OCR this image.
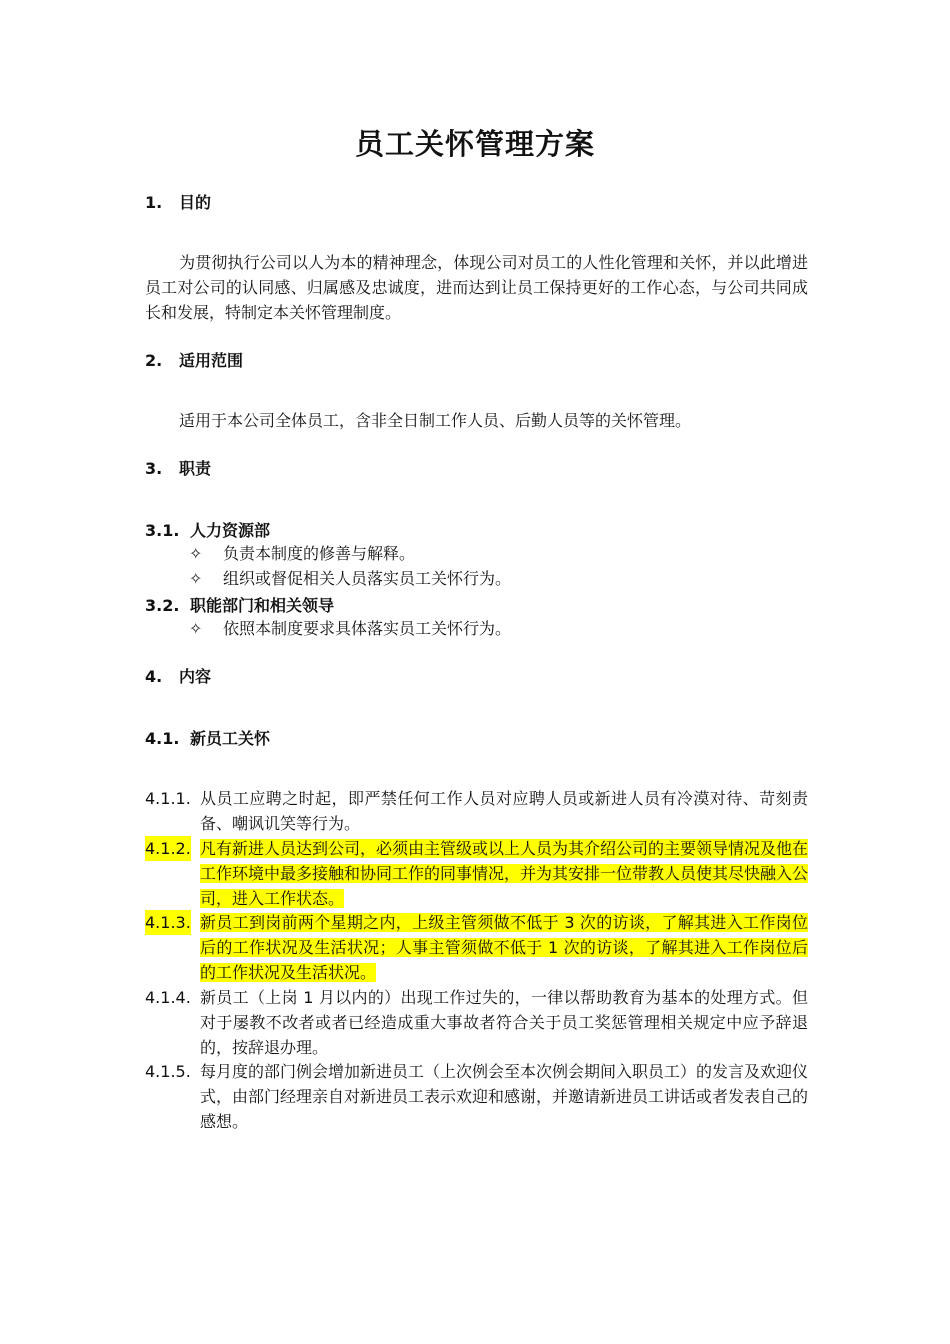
员工关怀管理方案
1. 目的
为贯彻执行公司以人为本的精神理念，体现公司对员工的人性化管理和关怀，并以此增进员工对公司的认同感、归属感及忠诚度，进而达到让员工保持更好的工作心态，与公司共同成长和发展，特制定本关怀管理制度。
2. 适用范围
适用于本公司全体员工，含非全日制工作人员、后勤人员等的关怀管理。
3. 职责
3.1. 人力资源部
✧ 负责本制度的修善与解释。
✧ 组织或督促相关人员落实员工关怀行为。
3.2. 职能部门和相关领导
✧ 依照本制度要求具体落实员工关怀行为。
4. 内容
4.1. 新员工关怀
4.1.1. 从员工应聘之时起，即严禁任何工作人员对应聘人员或新进人员有冷漠对待、苛刻责备、嘲讽讥笑等行为。
4.1.2. 凡有新进人员达到公司，必须由主管级或以上人员为其介绍公司的主要领导情况及他在工作环境中最多接触和协同工作的同事情况，并为其安排一位带教人员使其尽快融入公司，进入工作状态。
4.1.3. 新员工到岗前两个星期之内，上级主管须做不低于 3 次的访谈，了解其进入工作岗位后的工作状况及生活状况；人事主管须做不低于 1 次的访谈，了解其进入工作岗位后的工作状况及生活状况。
4.1.4. 新员工（上岗 1 月以内的）出现工作过失的，一律以帮助教育为基本的处理方式。但对于屡教不改者或者已经造成重大事故者符合关于员工奖惩管理相关规定中应予辞退的，按辞退办理。
4.1.5. 每月度的部门例会增加新进员工（上次例会至本次例会期间入职员工）的发言及欢迎仪式，由部门经理亲自对新进员工表示欢迎和感谢，并邀请新进员工讲话或者发表自己的感想。
